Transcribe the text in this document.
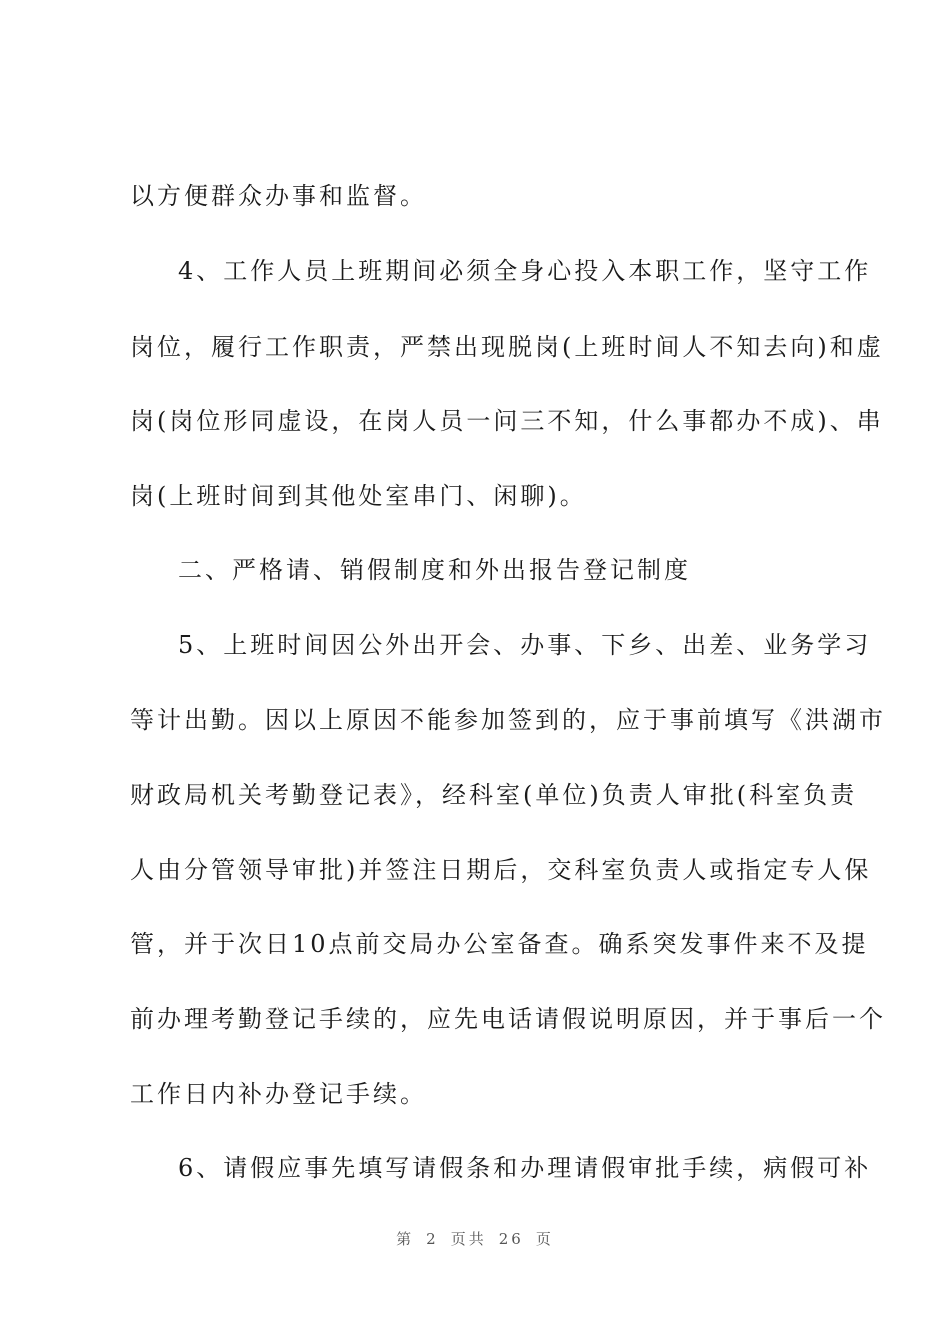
以方便群众办事和监督。
4、工作人员上班期间必须全身心投入本职工作，坚守工作
岗位，履行工作职责，严禁出现脱岗(上班时间人不知去向)和虚
岗(岗位形同虚设，在岗人员一问三不知，什么事都办不成)、串
岗(上班时间到其他处室串门、闲聊)。
二、严格请、销假制度和外出报告登记制度
5、上班时间因公外出开会、办事、下乡、出差、业务学习
等计出勤。因以上原因不能参加签到的，应于事前填写《洪湖市
财政局机关考勤登记表》，经科室(单位)负责人审批(科室负责
人由分管领导审批)并签注日期后，交科室负责人或指定专人保
管，并于次日10点前交局办公室备查。确系突发事件来不及提
前办理考勤登记手续的，应先电话请假说明原因，并于事后一个
工作日内补办登记手续。
6、请假应事先填写请假条和办理请假审批手续，病假可补
第 2 页共 26 页
